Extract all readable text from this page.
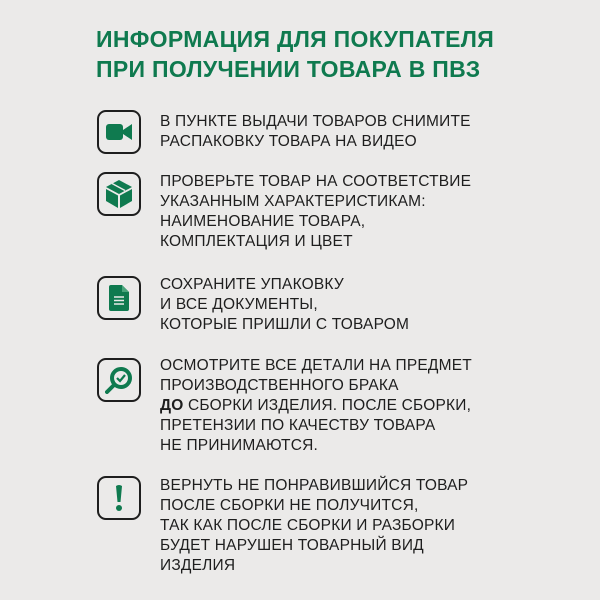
ИНФОРМАЦИЯ ДЛЯ ПОКУПАТЕЛЯ
ПРИ ПОЛУЧЕНИИ ТОВАРА В ПВЗ
В ПУНКТЕ ВЫДАЧИ ТОВАРОВ СНИМИТЕ
РАСПАКОВКУ ТОВАРА НА ВИДЕО
ПРОВЕРЬТЕ ТОВАР НА СООТВЕТСТВИЕ
УКАЗАННЫМ ХАРАКТЕРИСТИКАМ:
НАИМЕНОВАНИЕ ТОВАРА,
КОМПЛЕКТАЦИЯ И ЦВЕТ
СОХРАНИТЕ УПАКОВКУ
И ВСЕ ДОКУМЕНТЫ,
КОТОРЫЕ ПРИШЛИ С ТОВАРОМ
ОСМОТРИТЕ ВСЕ ДЕТАЛИ НА ПРЕДМЕТ
ПРОИЗВОДСТВЕННОГО БРАКА
ДО СБОРКИ ИЗДЕЛИЯ. ПОСЛЕ СБОРКИ,
ПРЕТЕНЗИИ ПО КАЧЕСТВУ ТОВАРА
НЕ ПРИНИМАЮТСЯ.
ВЕРНУТЬ НЕ ПОНРАВИВШИЙСЯ ТОВАР
ПОСЛЕ СБОРКИ НЕ ПОЛУЧИТСЯ,
ТАК КАК ПОСЛЕ СБОРКИ И РАЗБОРКИ
БУДЕТ НАРУШЕН ТОВАРНЫЙ ВИД
ИЗДЕЛИЯ
